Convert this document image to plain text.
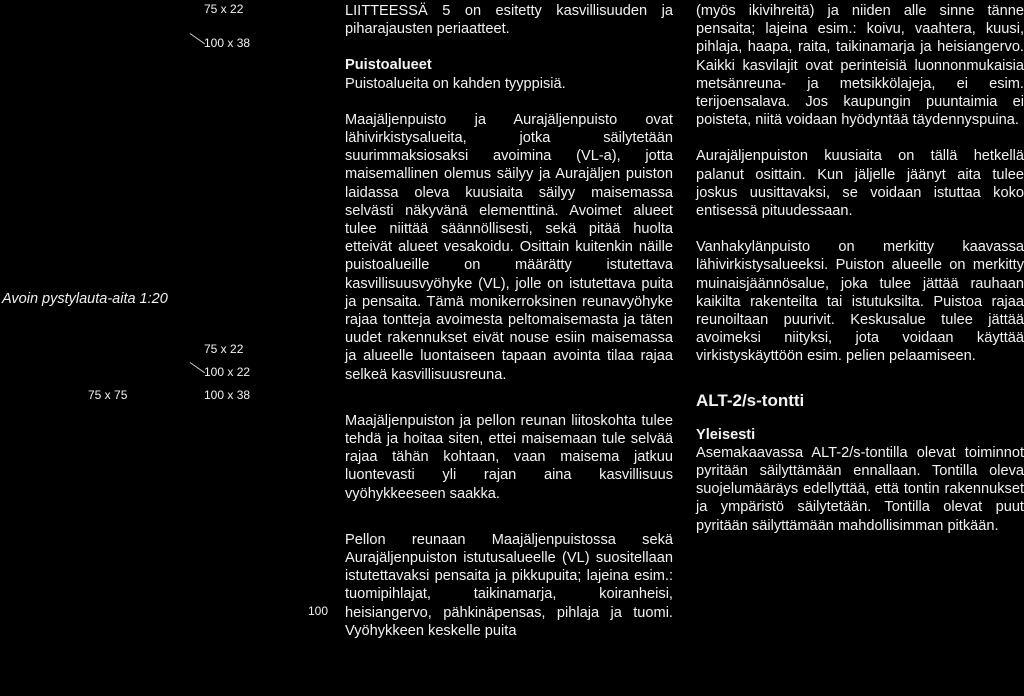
75 x 22
100 x 38
Avoin pystylauta-aita 1:20
75 x 22
100 x 22
75 x 75	100 x 38
100

LIITTEESSÄ 5 on esitetty kasvillisuuden ja piharajausten periaatteet.

Puistoalueet

Puistoalueita on kahden tyyppisiä.

Maajäljenpuisto ja Aurajäljenpuisto ovat lähivirkistysalueita, jotka säilytetään suurimmaksiosaksi avoimina (VL-a), jotta maisemallinen olemus säilyy ja Aurajäljen puiston laidassa oleva kuusiaita säilyy maisemassa selvästi näkyvänä elementtinä. Avoimet alueet tulee niittää säännöllisesti, sekä pitää huolta etteivät alueet vesakoidu. Osittain kuitenkin näille puistoalueille on määrätty istutettava kasvillisuusvyöhyke (VL), jolle on istutettava puita ja pensaita. Tämä monikerroksinen reunavyöhyke rajaa tontteja avoimesta peltomaisemasta ja täten uudet rakennukset eivät nouse esiin maisemassa ja alueelle luontaiseen tapaan avointa tilaa rajaa selkeä kasvillisuusreuna.

Maajäljenpuiston ja pellon reunan liitoskohta tulee tehdä ja hoitaa siten, ettei maisemaan tule selvää rajaa tähän kohtaan, vaan maisema jatkuu luontevasti yli rajan aina kasvillisuus vyöhykkeeseen saakka.

Pellon reunaan Maajäljenpuistossa sekä Aurajäljenpuiston istutusalueelle (VL) suositellaan istutettavaksi pensaita ja pikkupuita; lajeina esim.: tuomipihlajat, taikinamarja, koiranheisi, heisiangervo, pähkinäpensas, pihlaja ja tuomi. Vyöhykkeen keskelle puita

(myös ikivihreitä) ja niiden alle sinne tänne pensaita; lajeina esim.: koivu, vaahtera, kuusi, pihlaja, haapa, raita, taikinamarja ja heisiangervo. Kaikki kasvilajit ovat perinteisiä luonnonmukaisia metsänreuna- ja metsikkölajeja, ei esim. terijoensalava. Jos kaupungin puuntaimia ei poisteta, niitä voidaan hyödyntää täydennyspuina.

Aurajäljenpuiston kuusiaita on tällä hetkellä palanut osittain. Kun jäljelle jäänyt aita tulee joskus uusittavaksi, se voidaan istuttaa koko entisessä pituudessaan.

Vanhakylänpuisto on merkitty kaavassa lähivirkistysalueeksi. Puiston alueelle on merkitty muinaisjäännösalue, joka tulee jättää rauhaan kaikilta rakenteilta tai istutuksilta. Puistoa rajaa reunoiltaan puurivit. Keskusalue tulee jättää avoimeksi niityksi, jota voidaan käyttää virkistyskäyttöön esim. pelien pelaamiseen.

ALT-2/s-tontti

Yleisesti

Asemakaavassa ALT-2/s-tontilla olevat toiminnot pyritään säilyttämään ennallaan. Tontilla oleva suojelumääräys edellyttää, että tontin rakennukset ja ympäristö säilytetään. Tontilla olevat puut pyritään säilyttämään mahdollisimman pitkään.
